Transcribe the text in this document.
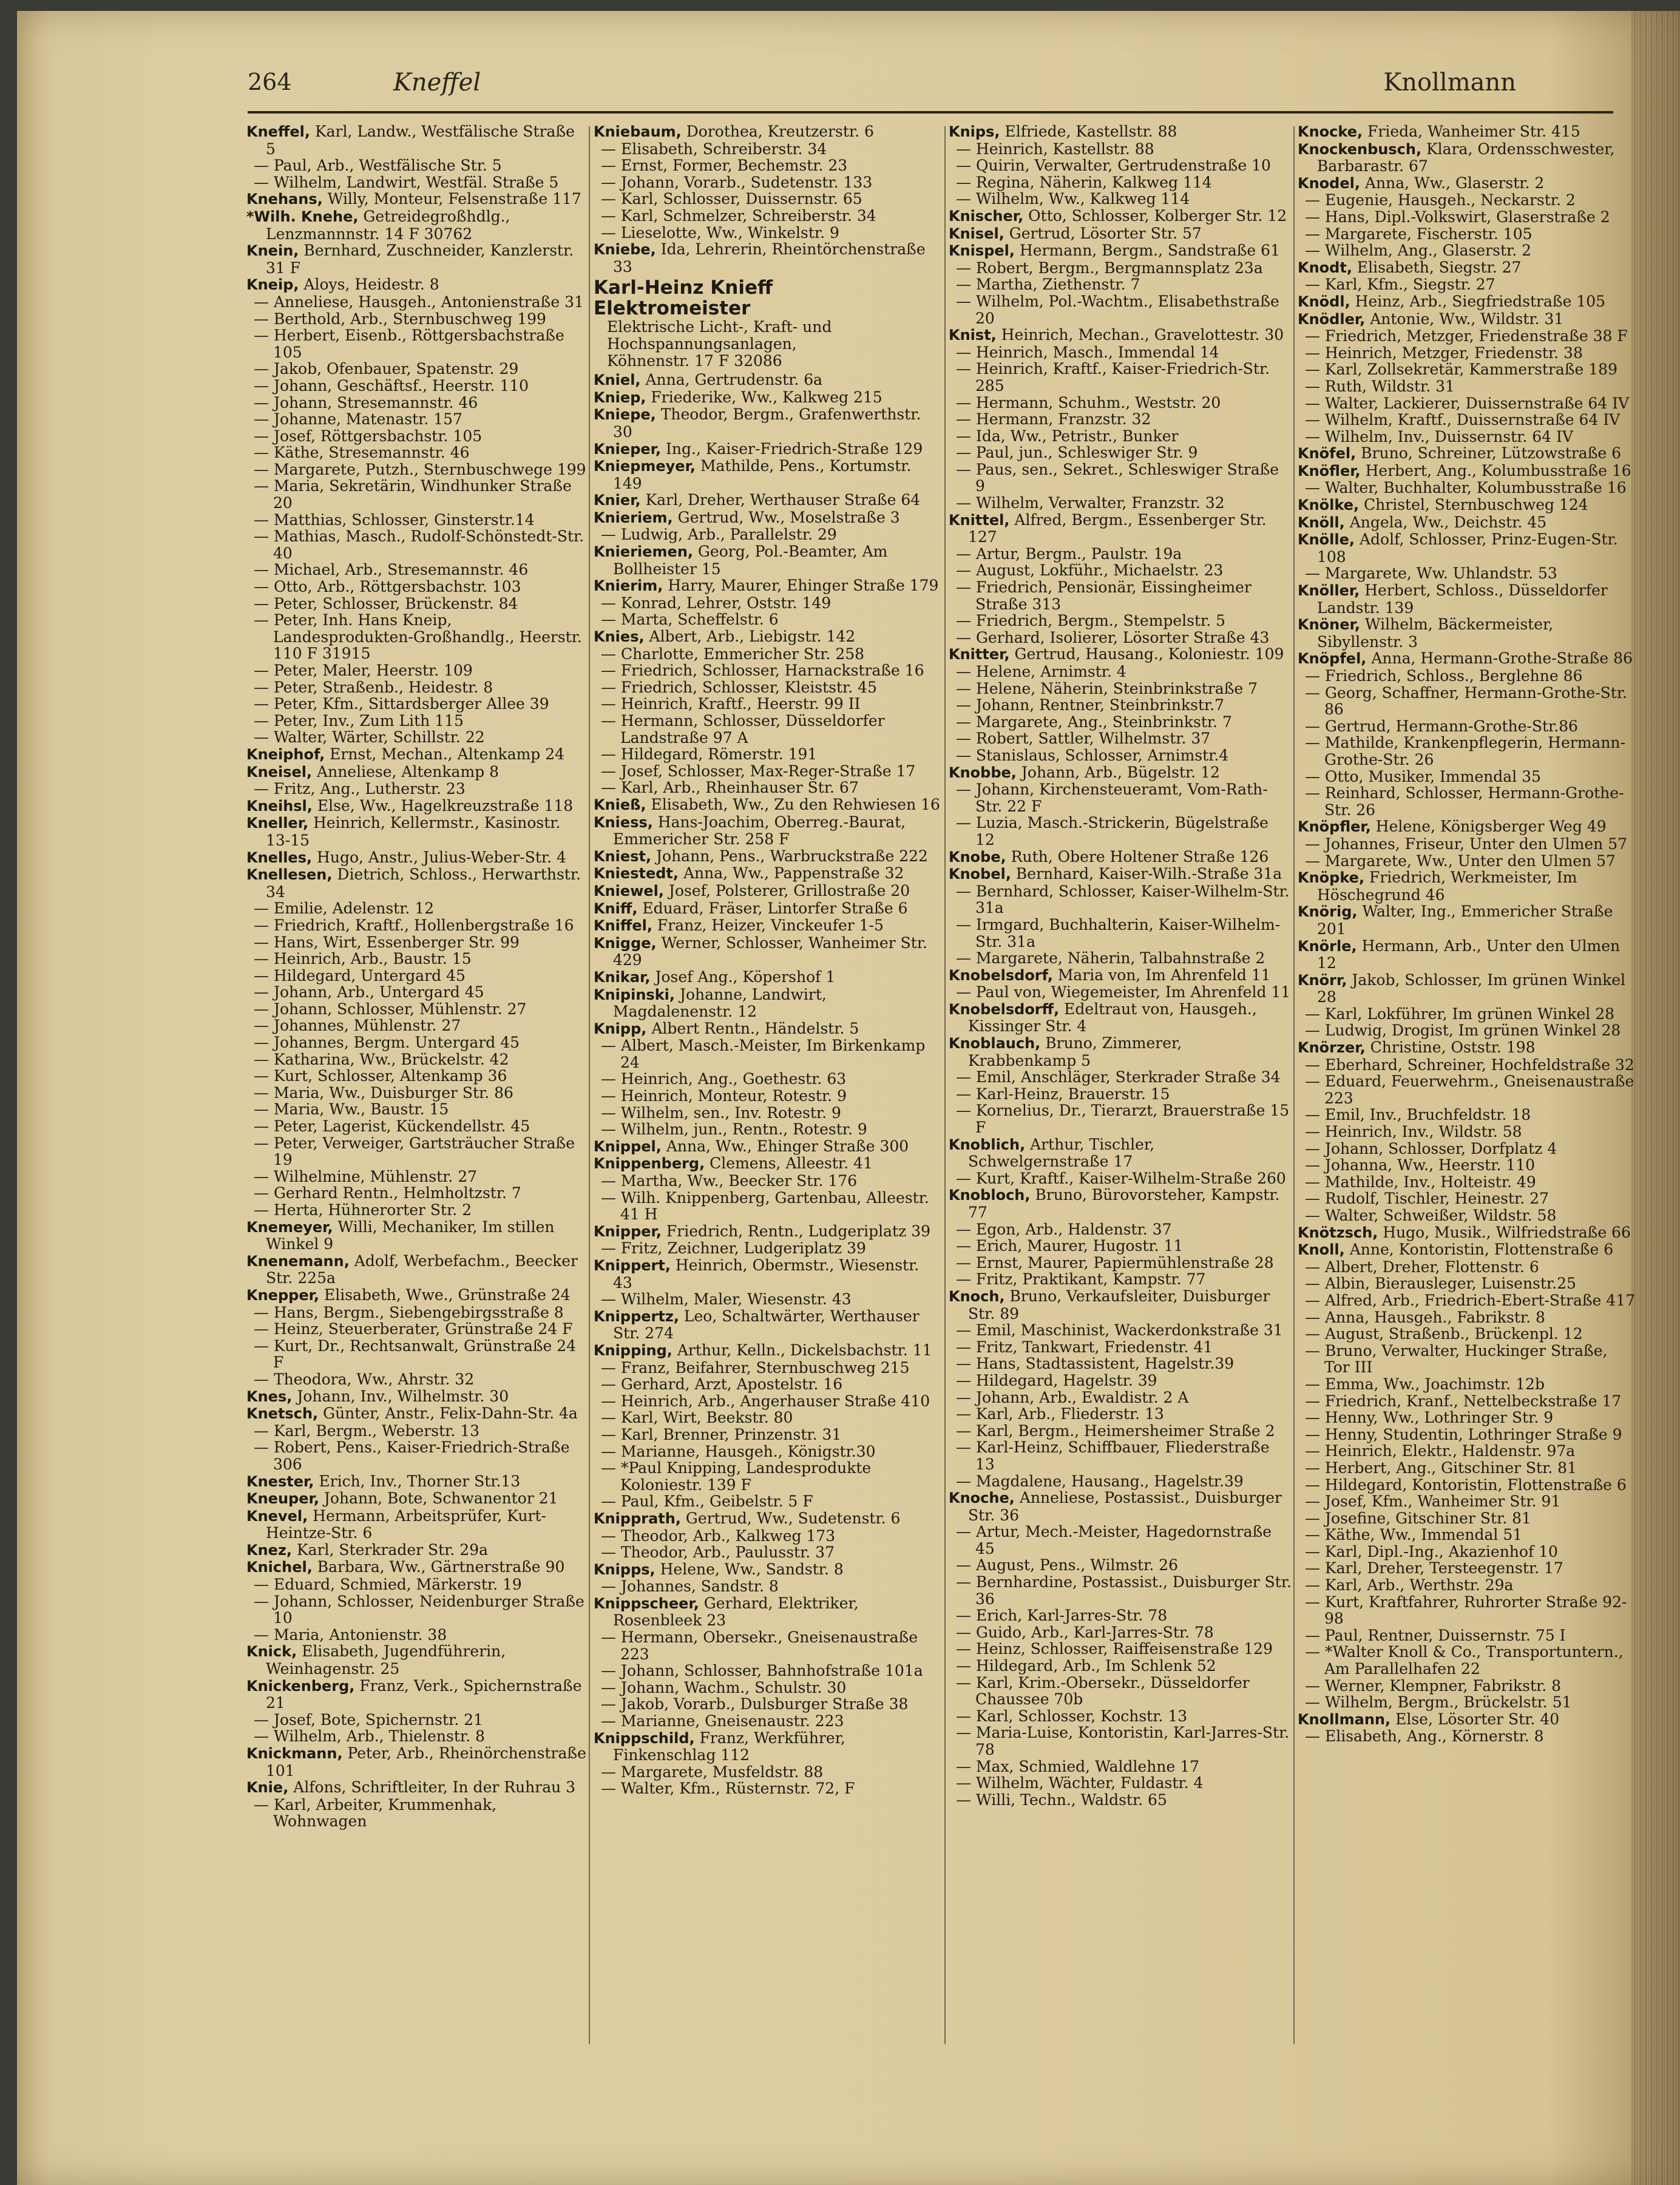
264	Kneffel	Knollmann
Kneffel, Karl, Landw., Westfälische Straße 5
— Paul, Arb., Westfälische Str. 5
— Wilhelm, Landwirt, Westfäl. Straße 5
Knehans, Willy, Monteur, Felsenstraße 117
*Wilh. Knehe, Getreidegroßhdlg., Lenzmannnstr. 14 F 30762
Knein, Bernhard, Zuschneider, Kanzlerstr. 31 F
Kneip, Aloys, Heidestr. 8
— Anneliese, Hausgeh., Antonienstraße 31
— Berthold, Arb., Sternbuschweg 199
— Herbert, Eisenb., Röttgersbachstraße 105
— Jakob, Ofenbauer, Spatenstr. 29
— Johann, Geschäftsf., Heerstr. 110
— Johann, Stresemannstr. 46
— Johanne, Matenastr. 157
— Josef, Röttgersbachstr. 105
— Käthe, Stresemannstr. 46
— Margarete, Putzh., Sternbuschwege 199
— Maria, Sekretärin, Windhunker Straße 20
— Matthias, Schlosser, Ginsterstr.14
— Mathias, Masch., Rudolf-Schönstedt-Str. 40
— Michael, Arb., Stresemannstr. 46
— Otto, Arb., Röttgersbachstr. 103
— Peter, Schlosser, Brückenstr. 84
— Peter, Inh. Hans Kneip, Landesprodukten-Großhandlg., Heerstr. 110 F 31915
— Peter, Maler, Heerstr. 109
— Peter, Straßenb., Heidestr. 8
— Peter, Kfm., Sittardsberger Allee 39
— Peter, Inv., Zum Lith 115
— Walter, Wärter, Schillstr. 22
Kneiphof, Ernst, Mechan., Altenkamp 24
Kneisel, Anneliese, Altenkamp 8
— Fritz, Ang., Lutherstr. 23
Kneihsl, Else, Ww., Hagelkreuzstraße 118
Kneller, Heinrich, Kellermstr., Kasinostr. 13-15
Knelles, Hugo, Anstr., Julius-Weber-Str. 4
Knellesen, Dietrich, Schloss., Herwarthstr. 34
— Emilie, Adelenstr. 12
— Friedrich, Kraftf., Hollenbergstraße 16
— Hans, Wirt, Essenberger Str. 99
— Heinrich, Arb., Baustr. 15
— Hildegard, Untergard 45
— Johann, Arb., Untergard 45
— Johann, Schlosser, Mühlenstr. 27
— Johannes, Mühlenstr. 27
— Johannes, Bergm. Untergard 45
— Katharina, Ww., Brückelstr. 42
— Kurt, Schlosser, Altenkamp 36
— Maria, Ww., Duisburger Str. 86
— Maria, Ww., Baustr. 15
— Peter, Lagerist, Kückendellstr. 45
— Peter, Verweiger, Gartsträucher Straße 19
— Wilhelmine, Mühlenstr. 27
— Gerhard Rentn., Helmholtzstr. 7
— Herta, Hühnerorter Str. 2
Knemeyer, Willi, Mechaniker, Im stillen Winkel 9
Knenemann, Adolf, Werbefachm., Beecker Str. 225a
Knepper, Elisabeth, Wwe., Grünstraße 24
— Hans, Bergm., Siebengebirgsstraße 8
— Heinz, Steuerberater, Grünstraße 24 F
— Kurt, Dr., Rechtsanwalt, Grünstraße 24 F
— Theodora, Ww., Ahrstr. 32
Knes, Johann, Inv., Wilhelmstr. 30
Knetsch, Günter, Anstr., Felix-Dahn-Str. 4a
— Karl, Bergm., Weberstr. 13
— Robert, Pens., Kaiser-Friedrich-Straße 306
Knester, Erich, Inv., Thorner Str.13
Kneuper, Johann, Bote, Schwanentor 21
Knevel, Hermann, Arbeitsprüfer, Kurt-Heintze-Str. 6
Knez, Karl, Sterkrader Str. 29a
Knichel, Barbara, Ww., Gärtnerstraße 90
— Eduard, Schmied, Märkerstr. 19
— Johann, Schlosser, Neidenburger Straße 10
— Maria, Antonienstr. 38
Knick, Elisabeth, Jugendführerin, Weinhagenstr. 25
Knickenberg, Franz, Verk., Spichernstraße 21
— Josef, Bote, Spichernstr. 21
— Wilhelm, Arb., Thielenstr. 8
Knickmann, Peter, Arb., Rheinörchenstraße 101
Knie, Alfons, Schriftleiter, In der Ruhrau 3
— Karl, Arbeiter, Krummenhak, Wohnwagen
Kniebaum, Dorothea, Kreutzerstr. 6
— Elisabeth, Schreiberstr. 34
— Ernst, Former, Bechemstr. 23
— Johann, Vorarb., Sudetenstr. 133
— Karl, Schlosser, Duissernstr. 65
— Karl, Schmelzer, Schreiberstr. 34
— Lieselotte, Ww., Winkelstr. 9
Kniebe, Ida, Lehrerin, Rheintörchenstraße 33
Karl-Heinz Knieff
Elektromeister
Elektrische Licht-, Kraft- und
Hochspannungsanlagen,
Köhnenstr. 17 F 32086
Kniel, Anna, Gertrudenstr. 6a
Kniep, Friederike, Ww., Kalkweg 215
Kniepe, Theodor, Bergm., Grafenwerthstr. 30
Knieper, Ing., Kaiser-Friedrich-Straße 129
Kniepmeyer, Mathilde, Pens., Kortumstr. 149
Knier, Karl, Dreher, Werthauser Straße 64
Knieriem, Gertrud, Ww., Moselstraße 3
— Ludwig, Arb., Parallelstr. 29
Knieriemen, Georg, Pol.-Beamter, Am Bollheister 15
Knierim, Harry, Maurer, Ehinger Straße 179
— Konrad, Lehrer, Oststr. 149
— Marta, Scheffelstr. 6
Knies, Albert, Arb., Liebigstr. 142
— Charlotte, Emmericher Str. 258
— Friedrich, Schlosser, Harnackstraße 16
— Friedrich, Schlosser, Kleiststr. 45
— Heinrich, Kraftf., Heerstr. 99 II
— Hermann, Schlosser, Düsseldorfer Landstraße 97 A
— Hildegard, Römerstr. 191
— Josef, Schlosser, Max-Reger-Straße 17
— Karl, Arb., Rheinhauser Str. 67
Knieß, Elisabeth, Ww., Zu den Rehwiesen 16
Kniess, Hans-Joachim, Oberreg.-Baurat, Emmericher Str. 258 F
Kniest, Johann, Pens., Warbruckstraße 222
Kniestedt, Anna, Ww., Pappenstraße 32
Kniewel, Josef, Polsterer, Grillostraße 20
Kniff, Eduard, Fräser, Lintorfer Straße 6
Kniffel, Franz, Heizer, Vinckeufer 1-5
Knigge, Werner, Schlosser, Wanheimer Str. 429
Knikar, Josef Ang., Köpershof 1
Knipinski, Johanne, Landwirt, Magdalenenstr. 12
Knipp, Albert Rentn., Händelstr. 5
— Albert, Masch.-Meister, Im Birkenkamp 24
— Heinrich, Ang., Goethestr. 63
— Heinrich, Monteur, Rotestr. 9
— Wilhelm, sen., Inv. Rotestr. 9
— Wilhelm, jun., Rentn., Rotestr. 9
Knippel, Anna, Ww., Ehinger Straße 300
Knippenberg, Clemens, Alleestr. 41
— Martha, Ww., Beecker Str. 176
— Wilh. Knippenberg, Gartenbau, Alleestr. 41 H
Knipper, Friedrich, Rentn., Ludgeriplatz 39
— Fritz, Zeichner, Ludgeriplatz 39
Knippert, Heinrich, Obermstr., Wiesenstr. 43
— Wilhelm, Maler, Wiesenstr. 43
Knippertz, Leo, Schaltwärter, Werthauser Str. 274
Knipping, Arthur, Kelln., Dickelsbachstr. 11
— Franz, Beifahrer, Sternbuschweg 215
— Gerhard, Arzt, Apostelstr. 16
— Heinrich, Arb., Angerhauser Straße 410
— Karl, Wirt, Beekstr. 80
— Karl, Brenner, Prinzenstr. 31
— Marianne, Hausgeh., Königstr.30
— *Paul Knipping, Landesprodukte Koloniestr. 139 F
— Paul, Kfm., Geibelstr. 5 F
Knipprath, Gertrud, Ww., Sudetenstr. 6
— Theodor, Arb., Kalkweg 173
— Theodor, Arb., Paulusstr. 37
Knipps, Helene, Ww., Sandstr. 8
— Johannes, Sandstr. 8
Knippscheer, Gerhard, Elektriker, Rosenbleek 23
— Hermann, Obersekr., Gneisenaustraße 223
— Johann, Schlosser, Bahnhofstraße 101a
— Johann, Wachm., Schulstr. 30
— Jakob, Vorarb., Dulsburger Straße 38
— Marianne, Gneisenaustr. 223
Knippschild, Franz, Werkführer, Finkenschlag 112
— Margarete, Musfeldstr. 88
— Walter, Kfm., Rüsternstr. 72, F
Knips, Elfriede, Kastellstr. 88
— Heinrich, Kastellstr. 88
— Quirin, Verwalter, Gertrudenstraße 10
— Regina, Näherin, Kalkweg 114
— Wilhelm, Ww., Kalkweg 114
Knischer, Otto, Schlosser, Kolberger Str. 12
Knisel, Gertrud, Lösorter Str. 57
Knispel, Hermann, Bergm., Sandstraße 61
— Robert, Bergm., Bergmannsplatz 23a
— Martha, Ziethenstr. 7
— Wilhelm, Pol.-Wachtm., Elisabethstraße 20
Knist, Heinrich, Mechan., Gravelottestr. 30
— Heinrich, Masch., Immendal 14
— Heinrich, Kraftf., Kaiser-Friedrich-Str. 285
— Hermann, Schuhm., Weststr. 20
— Hermann, Franzstr. 32
— Ida, Ww., Petristr., Bunker
— Paul, jun., Schleswiger Str. 9
— Paus, sen., Sekret., Schleswiger Straße 9
— Wilhelm, Verwalter, Franzstr. 32
Knittel, Alfred, Bergm., Essenberger Str. 127
— Artur, Bergm., Paulstr. 19a
— August, Lokführ., Michaelstr. 23
— Friedrich, Pensionär, Eissingheimer Straße 313
— Friedrich, Bergm., Stempelstr. 5
— Gerhard, Isolierer, Lösorter Straße 43
Knitter, Gertrud, Hausang., Koloniestr. 109
— Helene, Arnimstr. 4
— Helene, Näherin, Steinbrinkstraße 7
— Johann, Rentner, Steinbrinkstr.7
— Margarete, Ang., Steinbrinkstr. 7
— Robert, Sattler, Wilhelmstr. 37
— Stanislaus, Schlosser, Arnimstr.4
Knobbe, Johann, Arb., Bügelstr. 12
— Johann, Kirchensteueramt, Vom-Rath-Str. 22 F
— Luzia, Masch.-Strickerin, Bügelstraße 12
Knobe, Ruth, Obere Holtener Straße 126
Knobel, Bernhard, Kaiser-Wilh.-Straße 31a
— Bernhard, Schlosser, Kaiser-Wilhelm-Str. 31a
— Irmgard, Buchhalterin, Kaiser-Wilhelm-Str. 31a
— Margarete, Näherin, Talbahnstraße 2
Knobelsdorf, Maria von, Im Ahrenfeld 11
— Paul von, Wiegemeister, Im Ahrenfeld 11
Knobelsdorff, Edeltraut von, Hausgeh., Kissinger Str. 4
Knoblauch, Bruno, Zimmerer, Krabbenkamp 5
— Emil, Anschläger, Sterkrader Straße 34
— Karl-Heinz, Brauerstr. 15
— Kornelius, Dr., Tierarzt, Brauerstraße 15 F
Knoblich, Arthur, Tischler, Schwelgernstraße 17
— Kurt, Kraftf., Kaiser-Wilhelm-Straße 260
Knobloch, Bruno, Bürovorsteher, Kampstr. 77
— Egon, Arb., Haldenstr. 37
— Erich, Maurer, Hugostr. 11
— Ernst, Maurer, Papiermühlenstraße 28
— Fritz, Praktikant, Kampstr. 77
Knoch, Bruno, Verkaufsleiter, Duisburger Str. 89
— Emil, Maschinist, Wackerdonkstraße 31
— Fritz, Tankwart, Friedenstr. 41
— Hans, Stadtassistent, Hagelstr.39
— Hildegard, Hagelstr. 39
— Johann, Arb., Ewaldistr. 2 A
— Karl, Arb., Fliederstr. 13
— Karl, Bergm., Heimersheimer Straße 2
— Karl-Heinz, Schiffbauer, Fliederstraße 13
— Magdalene, Hausang., Hagelstr.39
Knoche, Anneliese, Postassist., Duisburger Str. 36
— Artur, Mech.-Meister, Hagedornstraße 45
— August, Pens., Wilmstr. 26
— Bernhardine, Postassist., Duisburger Str. 36
— Erich, Karl-Jarres-Str. 78
— Guido, Arb., Karl-Jarres-Str. 78
— Heinz, Schlosser, Raiffeisenstraße 129
— Hildegard, Arb., Im Schlenk 52
— Karl, Krim.-Obersekr., Düsseldorfer Chaussee 70b
— Karl, Schlosser, Kochstr. 13
— Maria-Luise, Kontoristin, Karl-Jarres-Str. 78
— Max, Schmied, Waldlehne 17
— Wilhelm, Wächter, Fuldastr. 4
— Willi, Techn., Waldstr. 65
Knocke, Frieda, Wanheimer Str. 415
Knockenbusch, Klara, Ordensschwester, Barbarastr. 67
Knodel, Anna, Ww., Glaserstr. 2
— Eugenie, Hausgeh., Neckarstr. 2
— Hans, Dipl.-Volkswirt, Glaserstraße 2
— Margarete, Fischerstr. 105
— Wilhelm, Ang., Glaserstr. 2
Knodt, Elisabeth, Siegstr. 27
— Karl, Kfm., Siegstr. 27
Knödl, Heinz, Arb., Siegfriedstraße 105
Knödler, Antonie, Ww., Wildstr. 31
— Friedrich, Metzger, Friedenstraße 38 F
— Heinrich, Metzger, Friedenstr. 38
— Karl, Zollsekretär, Kammerstraße 189
— Ruth, Wildstr. 31
— Walter, Lackierer, Duissernstraße 64 IV
— Wilhelm, Kraftf., Duissernstraße 64 IV
— Wilhelm, Inv., Duissernstr. 64 IV
Knöfel, Bruno, Schreiner, Lützowstraße 6
Knöfler, Herbert, Ang., Kolumbusstraße 16
— Walter, Buchhalter, Kolumbusstraße 16
Knölke, Christel, Sternbuschweg 124
Knöll, Angela, Ww., Deichstr. 45
Knölle, Adolf, Schlosser, Prinz-Eugen-Str. 108
— Margarete, Ww. Uhlandstr. 53
Knöller, Herbert, Schloss., Düsseldorfer Landstr. 139
Knöner, Wilhelm, Bäckermeister, Sibyllenstr. 3
Knöpfel, Anna, Hermann-Grothe-Straße 86
— Friedrich, Schloss., Berglehne 86
— Georg, Schaffner, Hermann-Grothe-Str. 86
— Gertrud, Hermann-Grothe-Str.86
— Mathilde, Krankenpflegerin, Hermann-Grothe-Str. 26
— Otto, Musiker, Immendal 35
— Reinhard, Schlosser, Hermann-Grothe-Str. 26
Knöpfler, Helene, Königsberger Weg 49
— Johannes, Friseur, Unter den Ulmen 57
— Margarete, Ww., Unter den Ulmen 57
Knöpke, Friedrich, Werkmeister, Im Höschegrund 46
Knörig, Walter, Ing., Emmericher Straße 201
Knörle, Hermann, Arb., Unter den Ulmen 12
Knörr, Jakob, Schlosser, Im grünen Winkel 28
— Karl, Lokführer, Im grünen Winkel 28
— Ludwig, Drogist, Im grünen Winkel 28
Knörzer, Christine, Oststr. 198
— Eberhard, Schreiner, Hochfeldstraße 32
— Eduard, Feuerwehrm., Gneisenaustraße 223
— Emil, Inv., Bruchfeldstr. 18
— Heinrich, Inv., Wildstr. 58
— Johann, Schlosser, Dorfplatz 4
— Johanna, Ww., Heerstr. 110
— Mathilde, Inv., Holteistr. 49
— Rudolf, Tischler, Heinestr. 27
— Walter, Schweißer, Wildstr. 58
Knötzsch, Hugo, Musik., Wilfriedstraße 66
Knoll, Anne, Kontoristin, Flottenstraße 6
— Albert, Dreher, Flottenstr. 6
— Albin, Bierausleger, Luisenstr.25
— Alfred, Arb., Friedrich-Ebert-Straße 417
— Anna, Hausgeh., Fabrikstr. 8
— August, Straßenb., Brückenpl. 12
— Bruno, Verwalter, Huckinger Straße, Tor III
— Emma, Ww., Joachimstr. 12b
— Friedrich, Kranf., Nettelbeckstraße 17
— Henny, Ww., Lothringer Str. 9
— Henny, Studentin, Lothringer Straße 9
— Heinrich, Elektr., Haldenstr. 97a
— Herbert, Ang., Gitschiner Str. 81
— Hildegard, Kontoristin, Flottenstraße 6
— Josef, Kfm., Wanheimer Str. 91
— Josefine, Gitschiner Str. 81
— Käthe, Ww., Immendal 51
— Karl, Dipl.-Ing., Akazienhof 10
— Karl, Dreher, Tersteegenstr. 17
— Karl, Arb., Werthstr. 29a
— Kurt, Kraftfahrer, Ruhrorter Straße 92-98
— Paul, Rentner, Duissernstr. 75 I
— *Walter Knoll & Co., Transportuntern., Am Parallelhafen 22
— Werner, Klempner, Fabrikstr. 8
— Wilhelm, Bergm., Brückelstr. 51
Knollmann, Else, Lösorter Str. 40
— Elisabeth, Ang., Körnerstr. 8
